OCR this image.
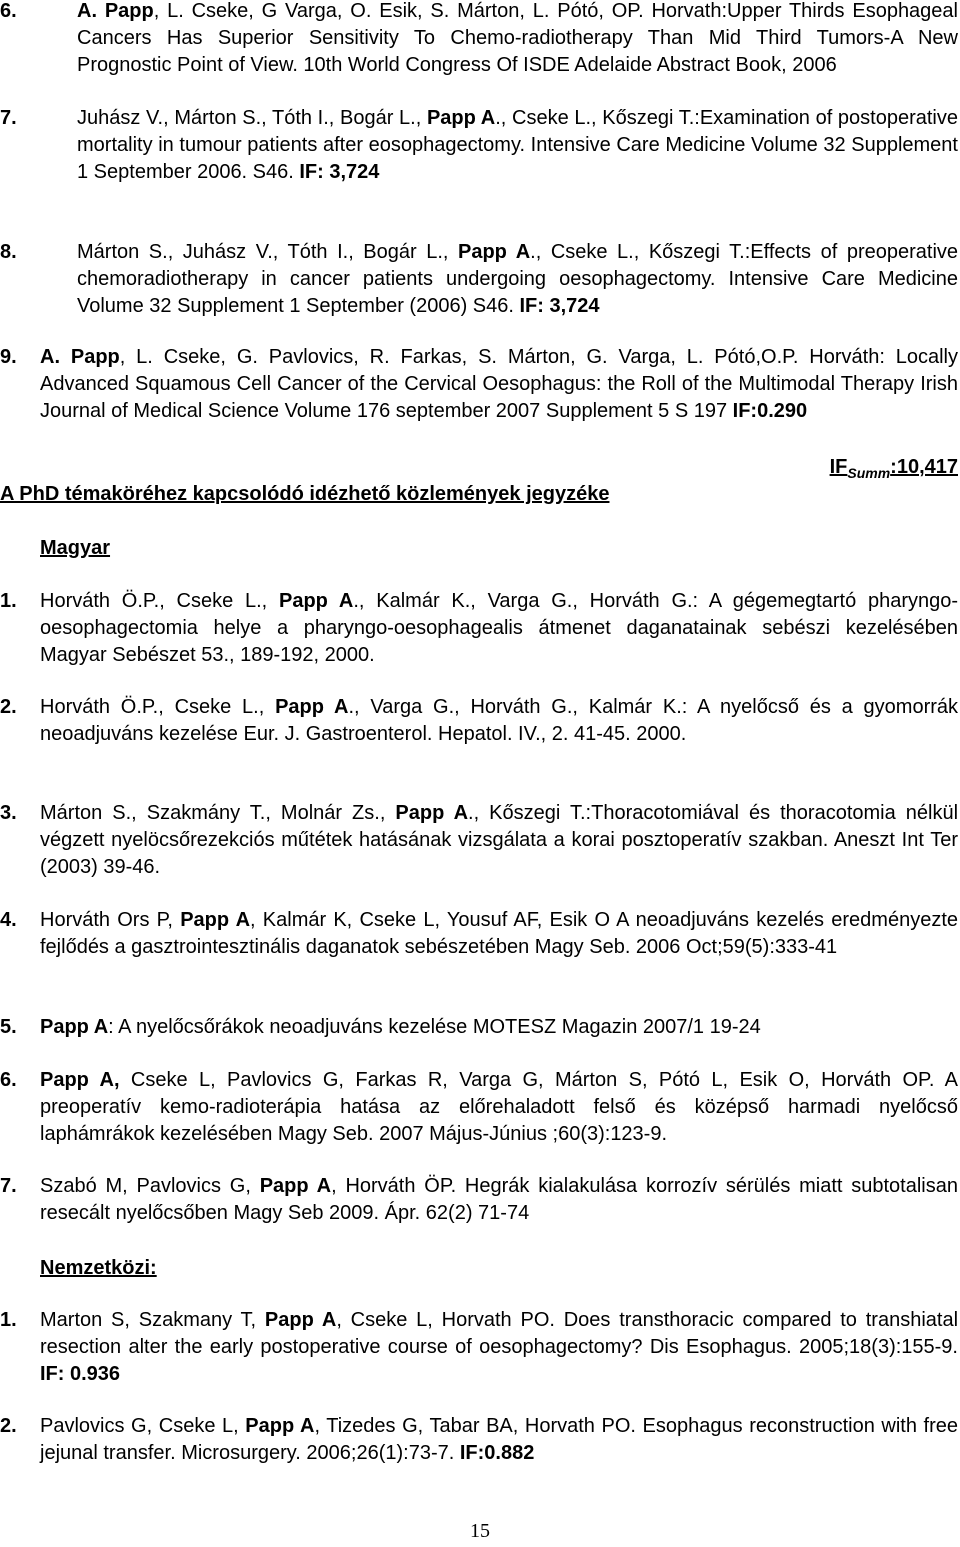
6.	A. Papp, L. Cseke, G Varga, O. Esik, S. Márton, L. Pótó, OP. Horvath:Upper Thirds Esophageal Cancers Has Superior Sensitivity To Chemo-radiotherapy Than Mid Third Tumors-A New Prognostic Point of View. 10th World Congress Of ISDE Adelaide Abstract Book, 2006
7.	Juhász V., Márton S., Tóth I., Bogár L., Papp A., Cseke L., Kőszegi T.:Examination of postoperative mortality in tumour patients after eosophagectomy. Intensive Care Medicine Volume 32 Supplement 1 September 2006. S46. IF: 3,724
8.	Márton S., Juhász V., Tóth I., Bogár L., Papp A., Cseke L., Kőszegi T.:Effects of preoperative chemoradiotherapy in cancer patients undergoing oesophagectomy. Intensive Care Medicine Volume 32 Supplement 1 September (2006) S46. IF: 3,724
9. A. Papp, L. Cseke, G. Pavlovics, R. Farkas, S. Márton, G. Varga, L. Pótó,O.P. Horváth: Locally Advanced Squamous Cell Cancer of the Cervical Oesophagus: the Roll of the Multimodal Therapy Irish Journal of Medical Science Volume 176 september 2007 Supplement 5 S 197 IF:0.290
$IF_{Summ}:10,417$
A PhD témaköréhez kapcsolódó idézhető közlemények jegyzéke
Magyar
1. Horváth Ö.P., Cseke L., Papp A., Kalmár K., Varga G., Horváth G.: A gégemegtartó pharyngo-oesophagectomia helye a pharyngo-oesophagealis átmenet daganatainak sebészi kezelésében Magyar Sebészet 53., 189-192, 2000.
2. Horváth Ö.P., Cseke L., Papp A., Varga G., Horváth G., Kalmár K.: A nyelőcső és a gyomorrák neoadjuváns kezelése Eur. J. Gastroenterol. Hepatol. IV., 2. 41-45. 2000.
3. Márton S., Szakmány T., Molnár Zs., Papp A., Kőszegi T.:Thoracotomiával és thoracotomia nélkül végzett nyelöcsőrezekciós műtétek hatásának vizsgálata a korai posztoperatív szakban. Aneszt Int Ter (2003) 39-46.
4. Horváth Ors P, Papp A, Kalmár K, Cseke L, Yousuf AF, Esik O A neoadjuváns kezelés eredményezte fejlődés a gasztrointesztinális daganatok sebészetében Magy Seb. 2006 Oct;59(5):333-41
5. Papp A: A nyelőcsőrákok neoadjuváns kezelése MOTESZ Magazin 2007/1 19-24
6. Papp A, Cseke L, Pavlovics G, Farkas R, Varga G, Márton S, Pótó L, Esik O, Horváth OP. A preoperatív kemo-radioterápia hatása az előrehaladott felső és középső harmadi nyelőcső laphámrákok kezelésében Magy Seb. 2007 Május-Június ;60(3):123-9.
7. Szabó M, Pavlovics G, Papp A, Horváth ÖP. Hegrák kialakulása korrozív sérülés miatt subtotalisan resecált nyelőcsőben Magy Seb 2009. Ápr. 62(2) 71-74
Nemzetközi:
1. Marton S, Szakmany T, Papp A, Cseke L, Horvath PO. Does transthoracic compared to transhiatal resection alter the early postoperative course of oesophagectomy? Dis Esophagus. 2005;18(3):155-9. IF: 0.936
2. Pavlovics G, Cseke L, Papp A, Tizedes G, Tabar BA, Horvath PO. Esophagus reconstruction with free jejunal transfer. Microsurgery. 2006;26(1):73-7. IF:0.882
15
